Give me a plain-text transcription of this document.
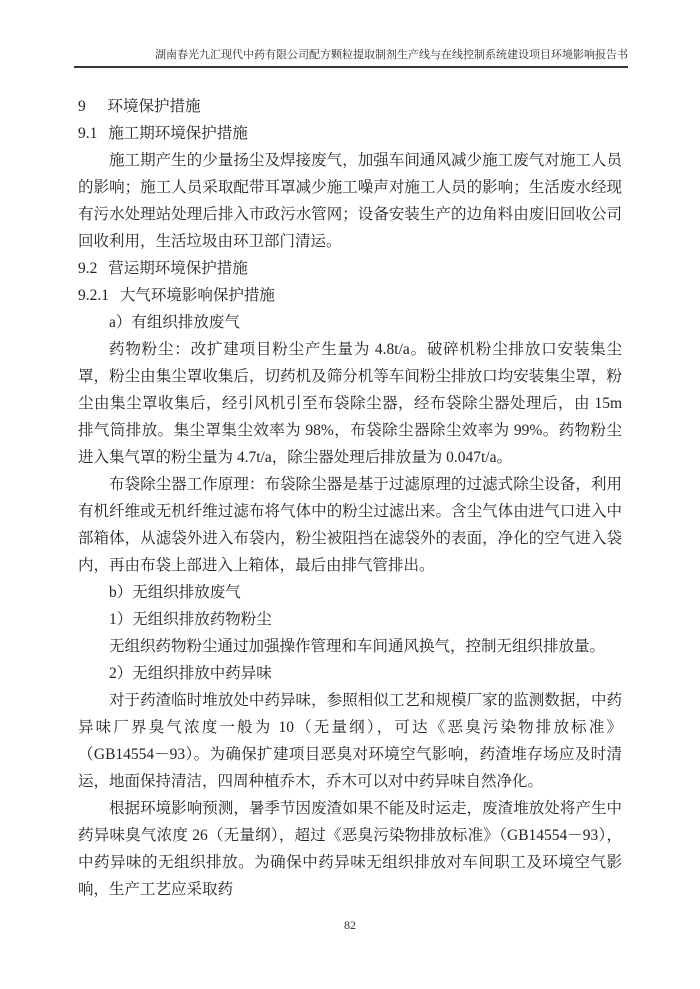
湖南春光九汇现代中药有限公司配方颗粒提取制剂生产线与在线控制系统建设项目环境影响报告书

9 环境保护措施

9.1 施工期环境保护措施

施工期产生的少量扬尘及焊接废气，加强车间通风减少施工废气对施工人员的影响；施工人员采取配带耳罩减少施工噪声对施工人员的影响；生活废水经现有污水处理站处理后排入市政污水管网；设备安装生产的边角料由废旧回收公司回收利用，生活垃圾由环卫部门清运。

9.2 营运期环境保护措施

9.2.1 大气环境影响保护措施

a）有组织排放废气

药物粉尘：改扩建项目粉尘产生量为 4.8t/a。破碎机粉尘排放口安装集尘罩，粉尘由集尘罩收集后，切药机及筛分机等车间粉尘排放口均安装集尘罩，粉尘由集尘罩收集后，经引风机引至布袋除尘器，经布袋除尘器处理后，由 15m 排气筒排放。集尘罩集尘效率为 98%，布袋除尘器除尘效率为 99%。药物粉尘进入集气罩的粉尘量为 4.7t/a，除尘器处理后排放量为 0.047t/a。

布袋除尘器工作原理：布袋除尘器是基于过滤原理的过滤式除尘设备，利用有机纤维或无机纤维过滤布将气体中的粉尘过滤出来。含尘气体由进气口进入中部箱体，从滤袋外进入布袋内，粉尘被阻挡在滤袋外的表面，净化的空气进入袋内，再由布袋上部进入上箱体，最后由排气管排出。

b）无组织排放废气

1）无组织排放药物粉尘

无组织药物粉尘通过加强操作管理和车间通风换气，控制无组织排放量。

2）无组织排放中药异味

对于药渣临时堆放处中药异味，参照相似工艺和规模厂家的监测数据，中药异味厂界臭气浓度一般为 10（无量纲），可达《恶臭污染物排放标准》（GB14554－93）。为确保扩建项目恶臭对环境空气影响，药渣堆存场应及时清运，地面保持清洁，四周种植乔木，乔木可以对中药异味自然净化。

根据环境影响预测，暑季节因废渣如果不能及时运走，废渣堆放处将产生中药异味臭气浓度 26（无量纲），超过《恶臭污染物排放标准》（GB14554－93），中药异味的无组织排放。为确保中药异味无组织排放对车间职工及环境空气影响，生产工艺应采取药

82
